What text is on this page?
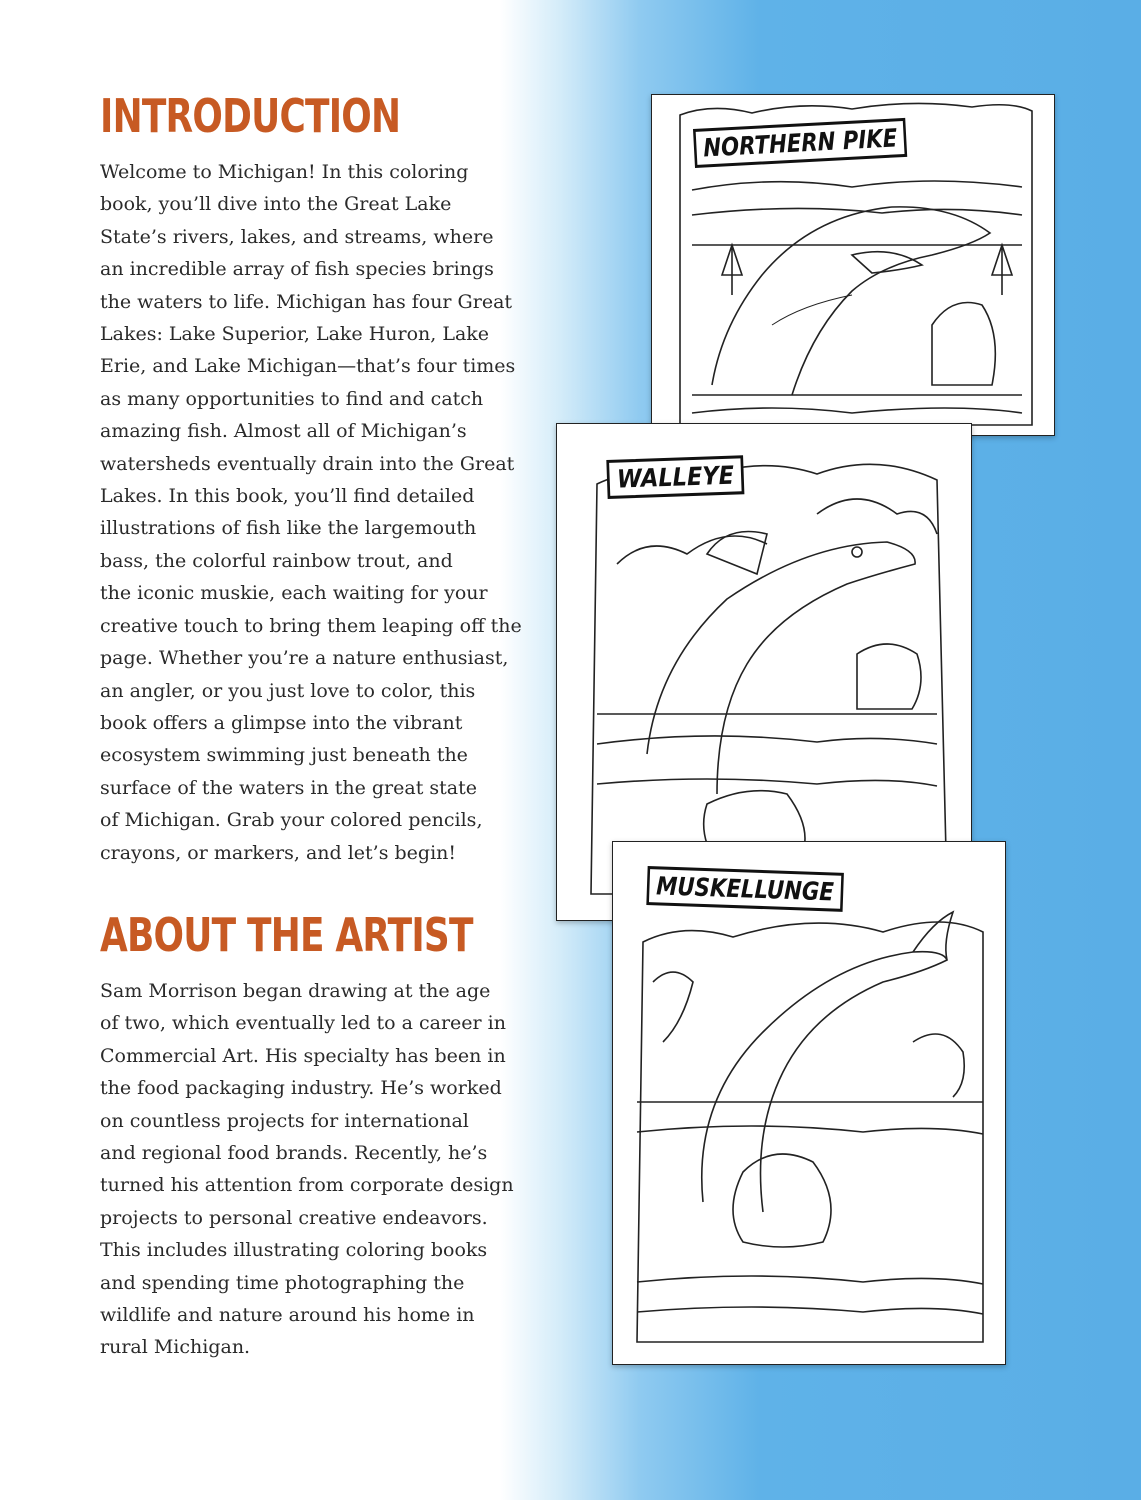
INTRODUCTION

Welcome to Michigan! In this coloring
book, you’ll dive into the Great Lake
State’s rivers, lakes, and streams, where
an incredible array of fish species brings
the waters to life. Michigan has four Great
Lakes: Lake Superior, Lake Huron, Lake
Erie, and Lake Michigan—that’s four times
as many opportunities to find and catch
amazing fish. Almost all of Michigan’s
watersheds eventually drain into the Great
Lakes. In this book, you’ll find detailed
illustrations of fish like the largemouth
bass, the colorful rainbow trout, and
the iconic muskie, each waiting for your
creative touch to bring them leaping off the
page. Whether you’re a nature enthusiast,
an angler, or you just love to color, this
book offers a glimpse into the vibrant
ecosystem swimming just beneath the
surface of the waters in the great state
of Michigan. Grab your colored pencils,
crayons, or markers, and let’s begin!

ABOUT THE ARTIST

Sam Morrison began drawing at the age
of two, which eventually led to a career in
Commercial Art. His specialty has been in
the food packaging industry. He’s worked
on countless projects for international
and regional food brands. Recently, he’s
turned his attention from corporate design
projects to personal creative endeavors.
This includes illustrating coloring books
and spending time photographing the
wildlife and nature around his home in
rural Michigan.

NORTHERN PIKE
WALLEYE
MUSKELLUNGE
